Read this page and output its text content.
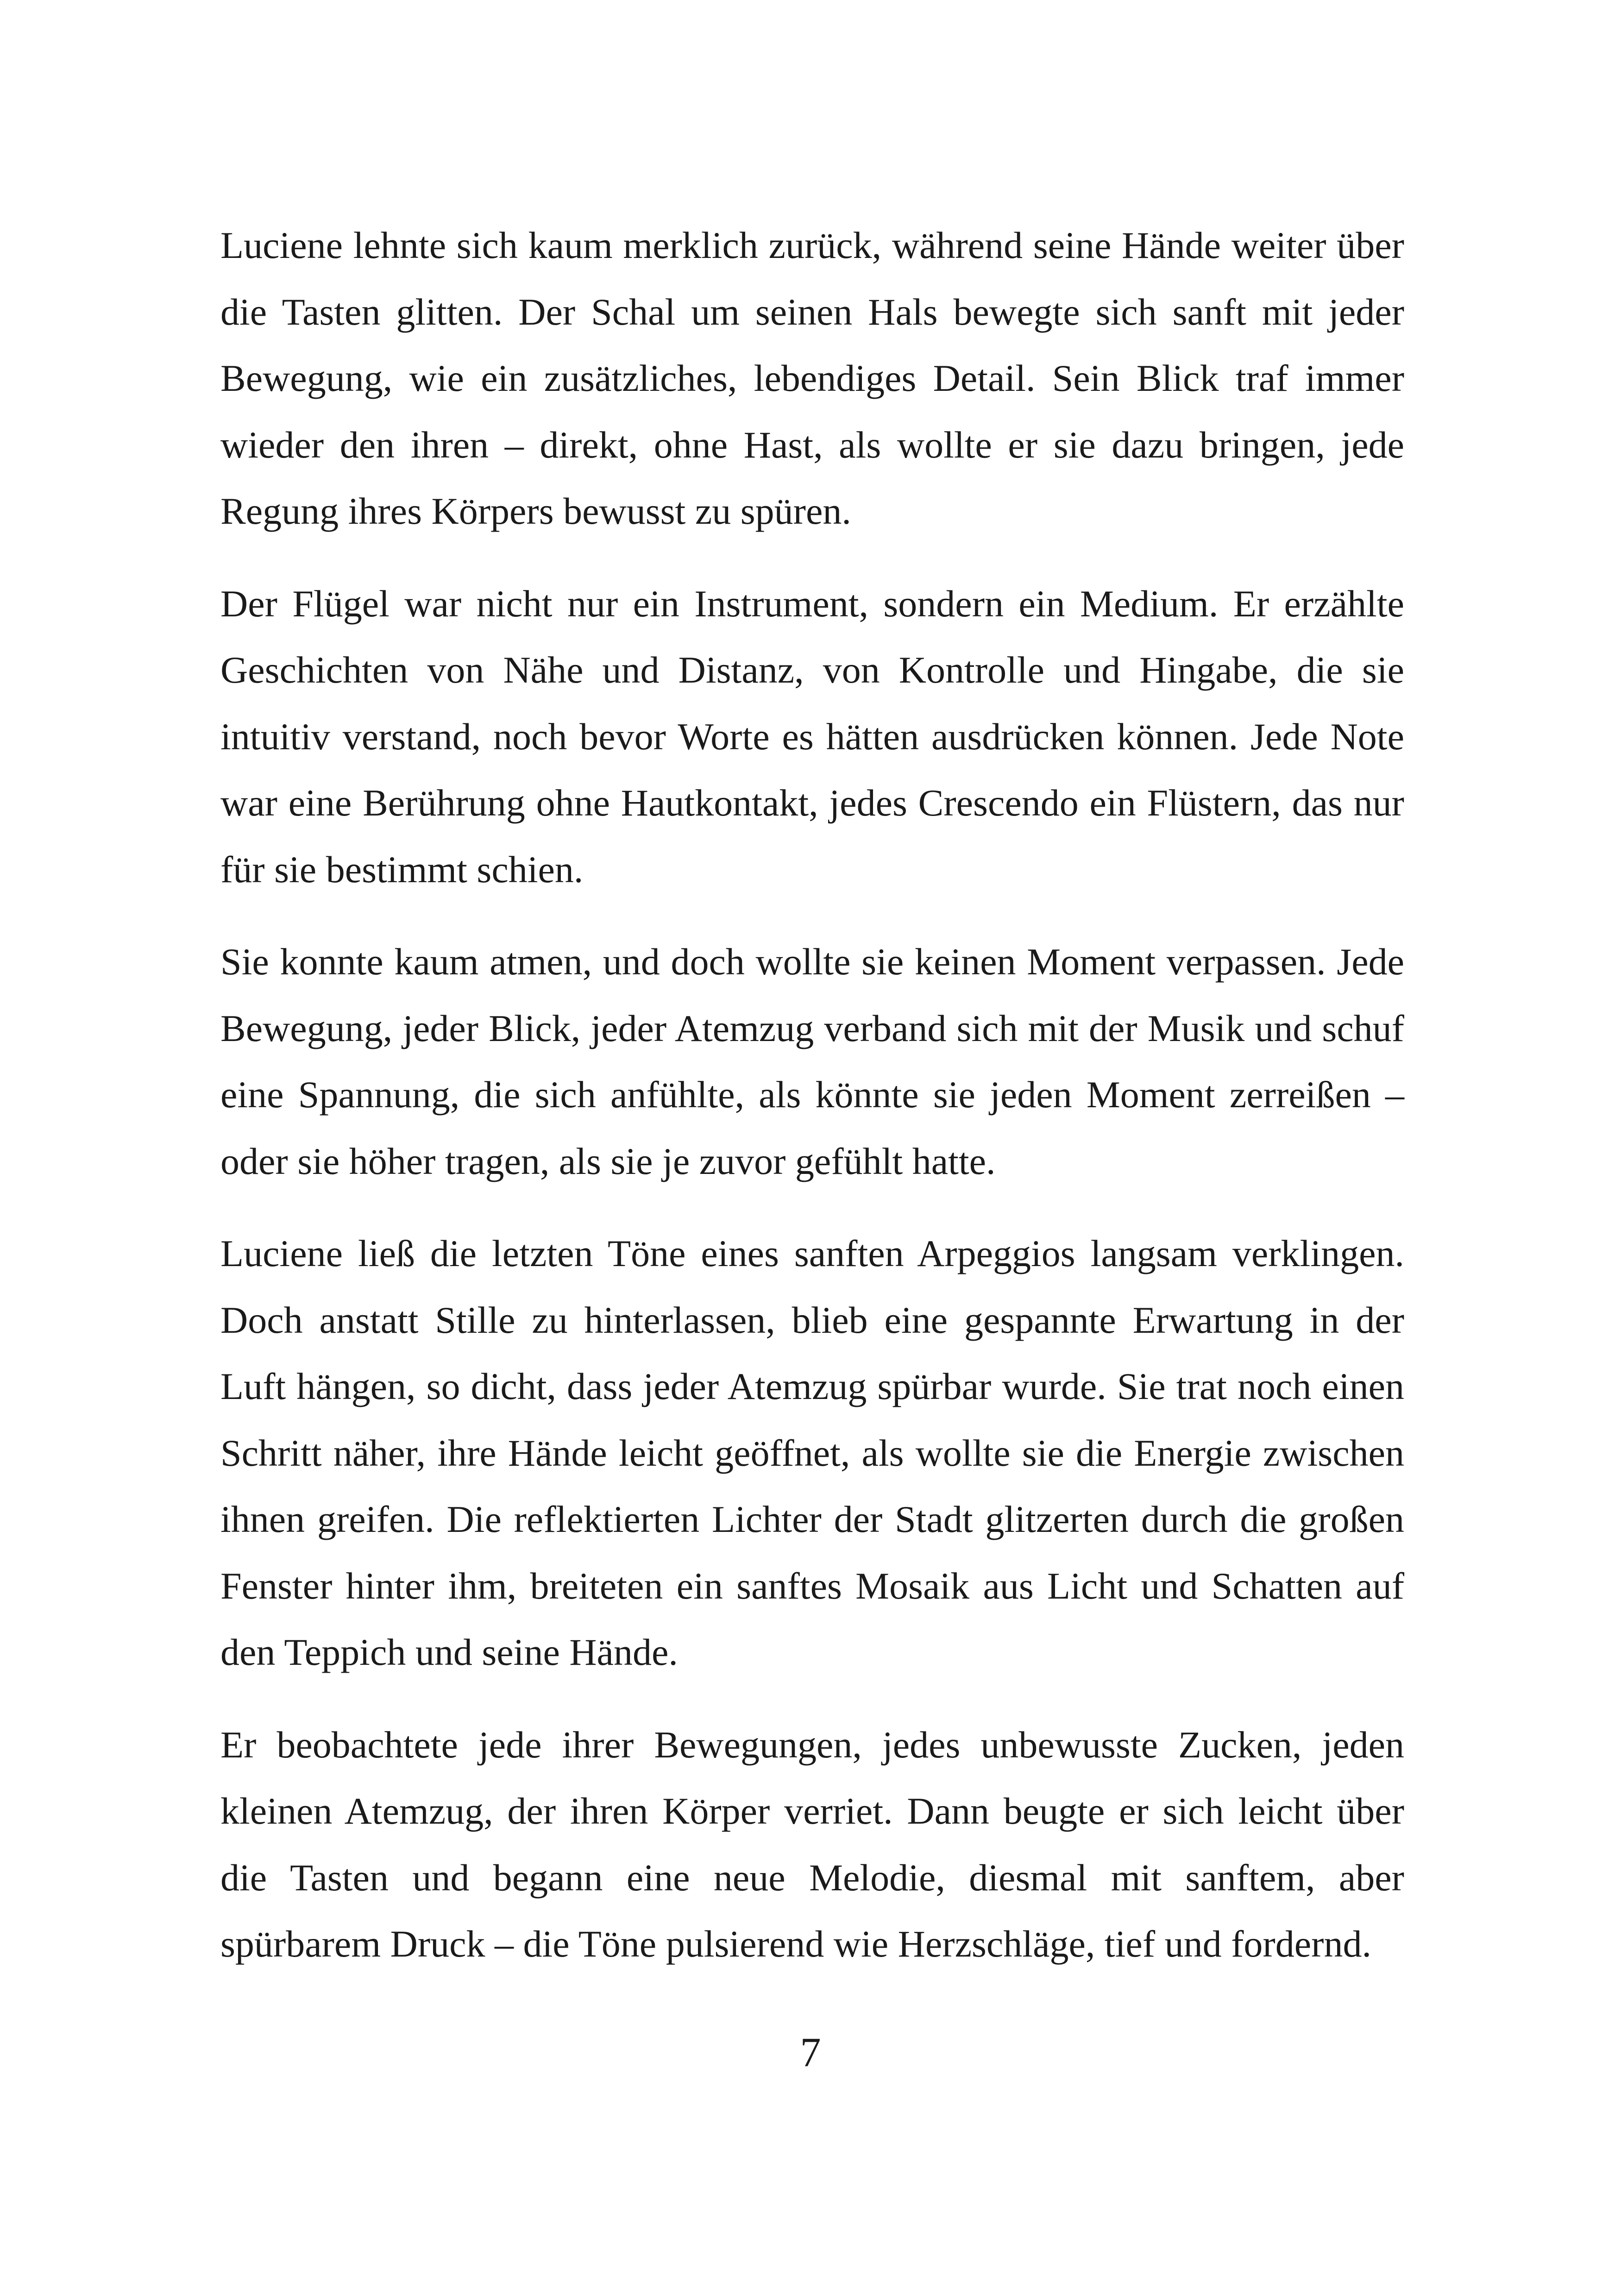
Luciene lehnte sich kaum merklich zurück, während seine Hände weiter über die Tasten glitten. Der Schal um seinen Hals bewegte sich sanft mit jeder Bewegung, wie ein zusätzliches, lebendiges Detail. Sein Blick traf immer wieder den ihren – direkt, ohne Hast, als wollte er sie dazu bringen, jede Regung ihres Körpers bewusst zu spüren.

Der Flügel war nicht nur ein Instrument, sondern ein Medium. Er erzählte Geschichten von Nähe und Distanz, von Kontrolle und Hingabe, die sie intuitiv verstand, noch bevor Worte es hätten ausdrücken können. Jede Note war eine Berührung ohne Hautkontakt, jedes Crescendo ein Flüstern, das nur für sie bestimmt schien.

Sie konnte kaum atmen, und doch wollte sie keinen Moment verpassen. Jede Bewegung, jeder Blick, jeder Atemzug verband sich mit der Musik und schuf eine Spannung, die sich anfühlte, als könnte sie jeden Moment zerreißen – oder sie höher tragen, als sie je zuvor gefühlt hatte.

Luciene ließ die letzten Töne eines sanften Arpeggios langsam verklingen. Doch anstatt Stille zu hinterlassen, blieb eine gespannte Erwartung in der Luft hängen, so dicht, dass jeder Atemzug spürbar wurde. Sie trat noch einen Schritt näher, ihre Hände leicht geöffnet, als wollte sie die Energie zwischen ihnen greifen. Die reflektierten Lichter der Stadt glitzerten durch die großen Fenster hinter ihm, breiteten ein sanftes Mosaik aus Licht und Schatten auf den Teppich und seine Hände.

Er beobachtete jede ihrer Bewegungen, jedes unbewusste Zucken, jeden kleinen Atemzug, der ihren Körper verriet. Dann beugte er sich leicht über die Tasten und begann eine neue Melodie, diesmal mit sanftem, aber spürbarem Druck – die Töne pulsierend wie Herzschläge, tief und fordernd.

7
